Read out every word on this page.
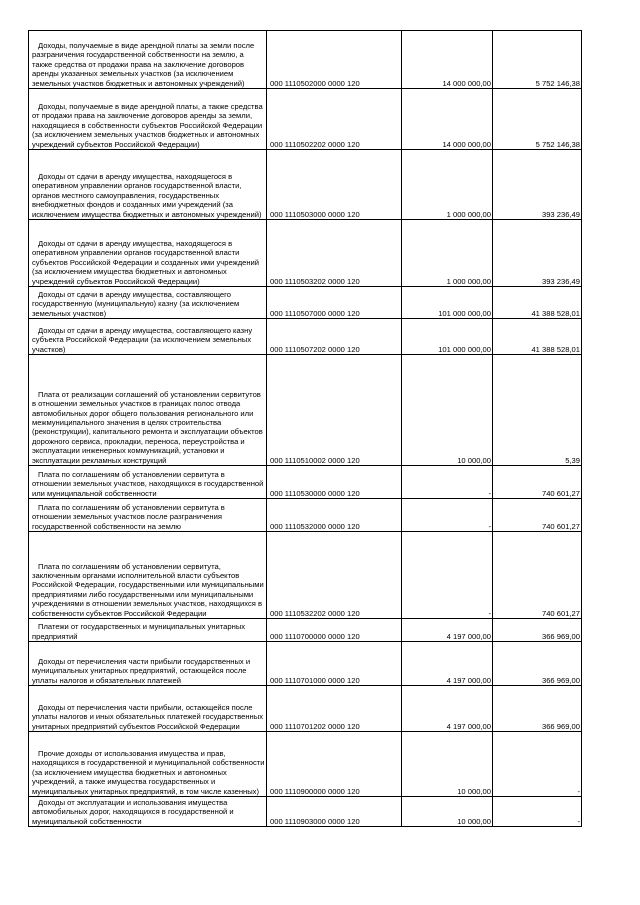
Доходы, получаемые в виде арендной платы за земли после разграничения государственной собственности на землю, а также средства от продажи права на заключение договоров аренды указанных земельных участков (за исключением земельных участков бюджетных и автономных учреждений)	000 1110502000 0000 120	14 000 000,00	5 752 146,38

Доходы, получаемые в виде арендной платы, а также средства от продажи права на заключение договоров аренды за земли, находящиеся в собственности субъектов Российской Федерации (за исключением земельных участков бюджетных и автономных учреждений субъектов Российской Федерации)	000 1110502202 0000 120	14 000 000,00	5 752 146,38

Доходы от сдачи в аренду имущества, находящегося в оперативном управлении органов государственной власти, органов местного самоуправления, государственных внебюджетных фондов и созданных ими учреждений (за исключением имущества бюджетных и автономных учреждений)	000 1110503000 0000 120	1 000 000,00	393 236,49

Доходы от сдачи в аренду имущества, находящегося в оперативном управлении органов государственной власти субъектов Российской Федерации и созданных ими учреждений (за исключением имущества бюджетных и автономных учреждений субъектов Российской Федерации)	000 1110503202 0000 120	1 000 000,00	393 236,49

Доходы от сдачи в аренду имущества, составляющего государственную (муниципальную) казну (за исключением земельных участков)	000 1110507000 0000 120	101 000 000,00	41 388 528,01

Доходы от сдачи в аренду имущества, составляющего казну субъекта Российской Федерации (за исключением земельных участков)	000 1110507202 0000 120	101 000 000,00	41 388 528,01

Плата от реализации соглашений об установлении сервитутов в отношении земельных участков в границах полос отвода автомобильных дорог общего пользования регионального или межмуниципального значения в целях строительства (реконструкции), капитального ремонта и эксплуатации объектов дорожного сервиса, прокладки, переноса, переустройства и эксплуатации инженерных коммуникаций, установки и эксплуатации рекламных конструкций	000 1110510002 0000 120	10 000,00	5,39

Плата по соглашениям об установлении сервитута в отношении земельных участков, находящихся в государственной или муниципальной собственности	000 1110530000 0000 120	-	740 601,27

Плата по соглашениям об установлении сервитута в отношении земельных участков после разграничения государственной собственности на землю	000 1110532000 0000 120	-	740 601,27

Плата по соглашениям об установлении сервитута, заключенным органами исполнительной власти субъектов Российской Федерации, государственными или муниципальными предприятиями либо государственными или муниципальными учреждениями в отношении земельных участков, находящихся в собственности субъектов Российской Федерации	000 1110532202 0000 120	-	740 601,27

Платежи от государственных и муниципальных унитарных предприятий	000 1110700000 0000 120	4 197 000,00	366 969,00

Доходы от перечисления части прибыли государственных и муниципальных унитарных предприятий, остающейся после уплаты налогов и обязательных платежей	000 1110701000 0000 120	4 197 000,00	366 969,00

Доходы от перечисления части прибыли, остающейся после уплаты налогов и иных обязательных платежей государственных унитарных предприятий субъектов Российской Федерации	000 1110701202 0000 120	4 197 000,00	366 969,00

Прочие доходы от использования имущества и прав, находящихся в государственной и муниципальной собственности (за исключением имущества бюджетных и автономных учреждений, а также имущества государственных и муниципальных унитарных предприятий, в том числе казенных)	000 1110900000 0000 120	10 000,00	-

Доходы от эксплуатации и использования имущества автомобильных дорог, находящихся в государственной и муниципальной собственности	000 1110903000 0000 120	10 000,00	-
